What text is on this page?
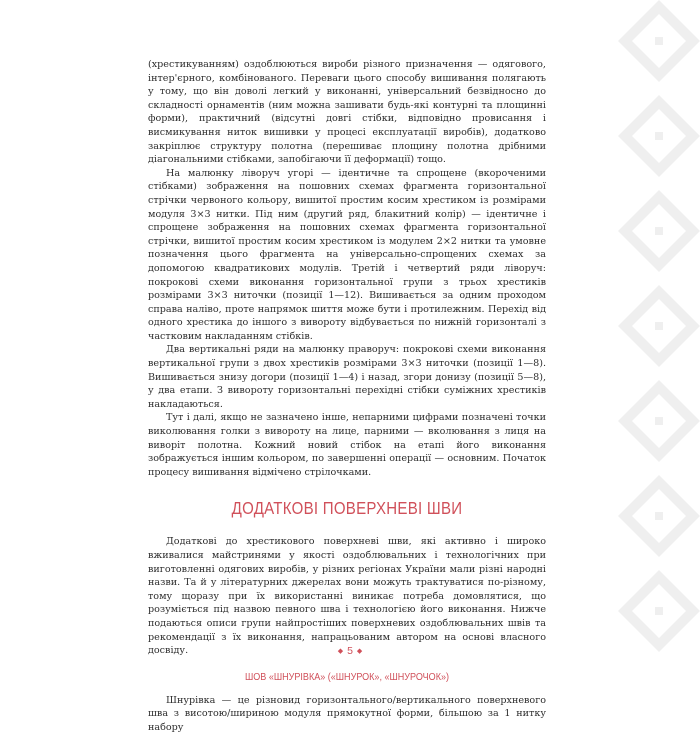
(хрестикуванням) оздоблюються вироби різного призначення — одягового, інтер'єрного, комбінованого. Переваги цього способу вишивання полягають у тому, що він доволі легкий у виконанні, універсальний безвідносно до складності орнаментів (ним можна зашивати будь-які контурні та площинні форми), практичний (відсутні довгі стібки, відповідно провисання і висмикування ниток вишивки у процесі експлуатації виробів), додатково закріплює структуру полотна (перешиває площину полотна дрібними діагональними стібками, запобігаючи її деформації) тощо.

На малюнку ліворуч угорі — ідентичне та спрощене (вкороченими стібками) зображення на пошовних схемах фрагмента горизонтальної стрічки червоного кольору, вишитої простим косим хрестиком із розмірами модуля 3×3 нитки. Під ним (другий ряд, блакитний колір) — ідентичне і спрощене зображення на пошовних схемах фрагмента горизонтальної стрічки, вишитої простим косим хрестиком із модулем 2×2 нитки та умовне позначення цього фрагмента на універсально-спрощених схемах за допомогою квадратикових модулів. Третій і четвертий ряди ліворуч: покрокові схеми виконання горизонтальної групи з трьох хрестиків розмірами 3×3 ниточки (позиції 1—12). Вишивається за одним проходом справа наліво, проте напрямок шиття може бути і протилежним. Перехід від одного хрестика до іншого з вивороту відбувається по нижній горизонталі з частковим накладанням стібків.

Два вертикальні ряди на малюнку праворуч: покрокові схеми виконання вертикальної групи з двох хрестиків розмірами 3×3 ниточки (позиції 1—8). Вишиваєтьcя знизу догори (позиції 1—4) і назад, згори донизу (позиції 5—8), у два етапи. З вивороту горизонтальні перехідні стібки суміжних хрестиків накладаються.

Тут і далі, якщо не зазначено інше, непарними цифрами позначені точки виколювання голки з вивороту на лице, парними — вколювання з лиця на виворіт полотна. Кожний новий стібок на етапі його виконання зображується іншим кольором, по завершенні операції — основним. Початок процесу вишивання відмічено стрілочками.

ДОДАТКОВІ ПОВЕРХНЕВІ ШВИ

Додаткові до хрестикового поверхневі шви, які активно і широко вживалися майстринями у якості оздоблювальних і технологічних при виготовленні одягових виробів, у різних регіонах України мали різні народні назви. Та й у літературних джерелах вони можуть трактуватися по-різному, тому щоразу при їх використанні виникає потреба домовлятися, що розуміється під назвою певного шва і технологією його виконання. Нижче подаються описи групи найпростіших поверхневих оздоблювальних швів та рекомендації з їх виконання, напрацьованим автором на основі власного досвіду.

ШОВ «ШНУРІВКА» («ШНУРОК», «ШНУРОЧОК»)

Шнурівка — це різновид горизонтального/вертикального поверхневого шва з висотою/шириною модуля прямокутної форми, більшою за 1 нитку набору

◆ 5 ◆
